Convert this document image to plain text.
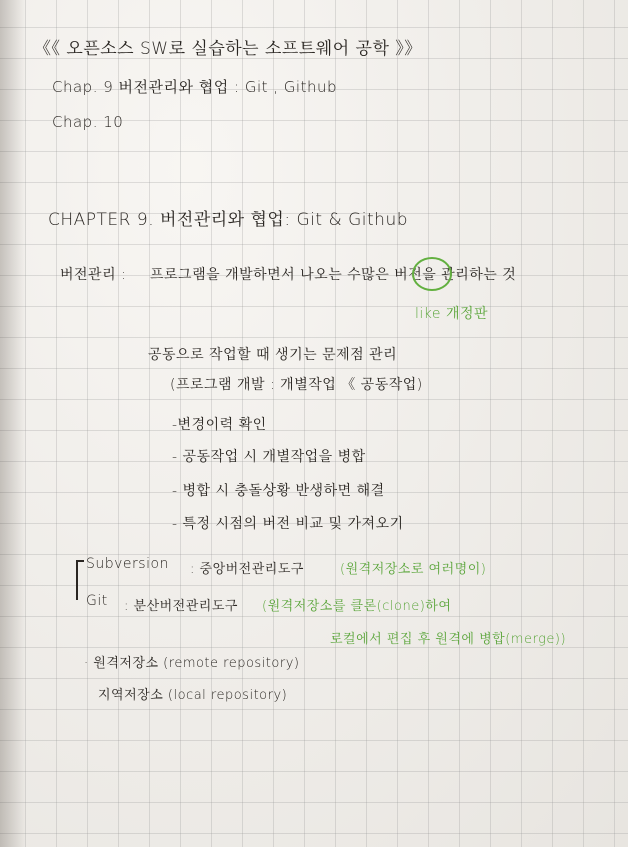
《《 오픈소스 SW로 실습하는 소프트웨어 공학 》》
Chap. 9 버전관리와 협업 : Git , Github
Chap. 10
CHAPTER 9. 버전관리와 협업: Git & Github
버전관리 : 프로그램을 개발하면서 나오는 수많은 버전을 관리하는 것
like 개정판
공동으로 작업할 때 생기는 문제점 관리
(프로그램 개발 : 개별작업 《 공동작업)
-변경이력 확인
- 공동작업 시 개별작업을 병합
- 병합 시 충돌상황 반생하면 해결
- 특정 시점의 버전 비교 및 가져오기
Subversion : 중앙버전관리도구	(원격저장소로 여러명이)
Git : 분산버전관리도구 (원격저장소를 클론(clone)하여
로컬에서 편집 후 원격에 병합(merge))
· 원격저장소 (remote repository)
지역저장소 (local repository)
